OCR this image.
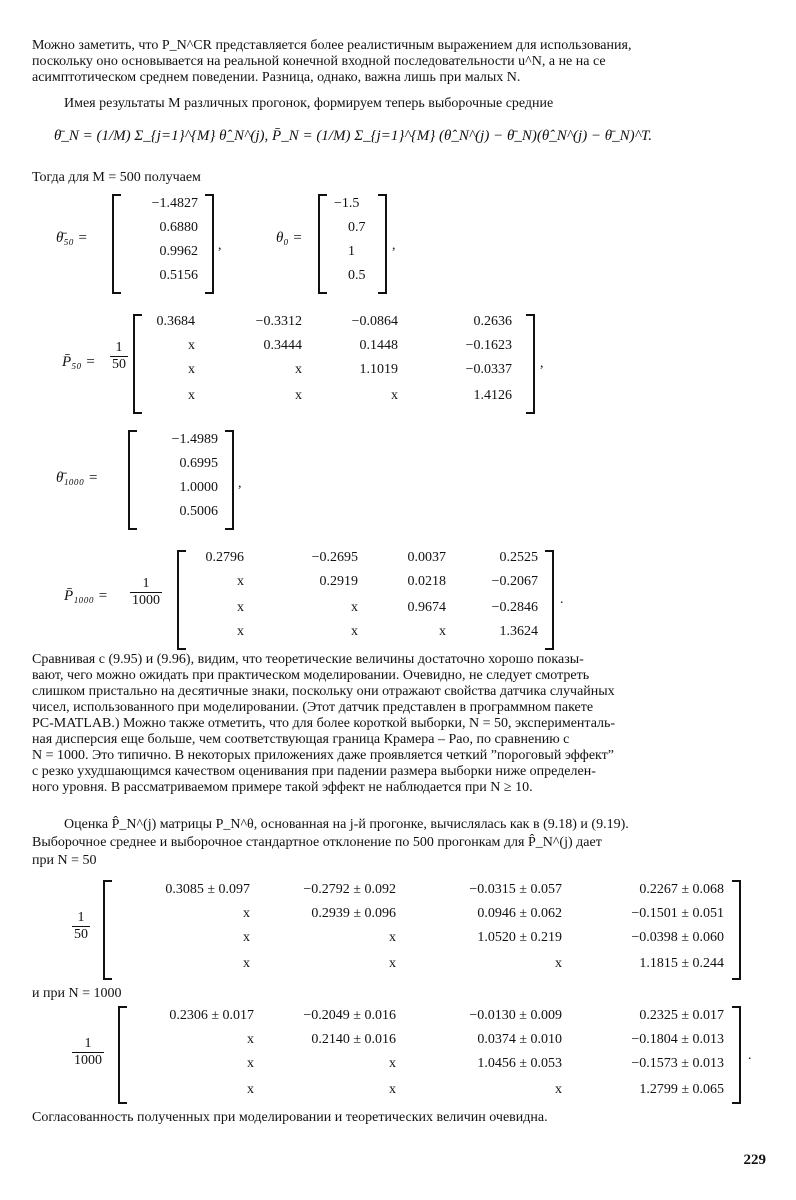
Можно заметить, что P_N^CR представляется более реалистичным выражением для использования,
поскольку оно основывается на реальной конечной входной последовательности u^N, а не на се
асимптотическом среднем поведении. Разница, однако, важна лишь при малых N.
Имея результаты M различных прогонок, формируем теперь выборочные средние
θ̄_N = (1/M) Σ_{j=1}^{M} θ̂_N^(j), P̄_N = (1/M) Σ_{j=1}^{M} (θ̂_N^(j) − θ̄_N)(θ̂_N^(j) − θ̄_N)^T.
Тогда для M = 500 получаем
θ̄₅₀ =
−1.4827
0.6880
0.9962
0.5156
,	θ₀ =
−1.5
0.7
1
0.5
,
P̄₅₀ = $\frac{1}{50}$
0.3684	−0.3312	−0.0864	0.2636
x	0.3444	0.1448	−0.1623
x	x	1.1019	−0.0337
x	x	x	1.4126
,
θ̄₁₀₀₀ =
−1.4989
0.6995
1.0000
0.5006
,
P̄₁₀₀₀ = $\frac{1}{1000}$
0.2796	−0.2695	0.0037	0.2525
x	0.2919	0.0218	−0.2067
x	x	0.9674	−0.2846
x	x	x	1.3624
.
Сравнивая с (9.95) и (9.96), видим, что теоретические величины достаточно хорошо показы-
вают, чего можно ожидать при практическом моделировании. Очевидно, не следует смотреть
слишком пристально на десятичные знаки, поскольку они отражают свойства датчика случайных
чисел, использованного при моделировании. (Этот датчик представлен в программном пакете
PC-MATLAB.) Можно также отметить, что для более короткой выборки, N = 50, эксперименталь-
ная дисперсия еще больше, чем соответствующая граница Крамера – Рао, по сравнению с
N = 1000. Это типично. В некоторых приложениях даже проявляется четкий ”пороговый эффект”
с резко ухудшающимся качеством оценивания при падении размера выборки ниже определен-
ного уровня. В рассматриваемом примере такой эффект не наблюдается при N ≥ 10.
Оценка P̂_N^(j) матрицы P_N^θ, основанная на j-й прогонке, вычислялась как в (9.18) и (9.19).
Выборочное среднее и выборочное стандартное отклонение по 500 прогонкам для P̂_N^(j) дает
при N = 50
$\frac{1}{50}$
0.3085 ± 0.097	−0.2792 ± 0.092	−0.0315 ± 0.057	0.2267 ± 0.068
x	0.2939 ± 0.096	0.0946 ± 0.062	−0.1501 ± 0.051
x	x	1.0520 ± 0.219	−0.0398 ± 0.060
x	x	x	1.1815 ± 0.244
и при N = 1000
$\frac{1}{1000}$
0.2306 ± 0.017	−0.2049 ± 0.016	−0.0130 ± 0.009	0.2325 ± 0.017
x	0.2140 ± 0.016	0.0374 ± 0.010	−0.1804 ± 0.013
x	x	1.0456 ± 0.053	−0.1573 ± 0.013
x	x	x	1.2799 ± 0.065
.
Согласованность полученных при моделировании и теоретических величин очевидна.
229
